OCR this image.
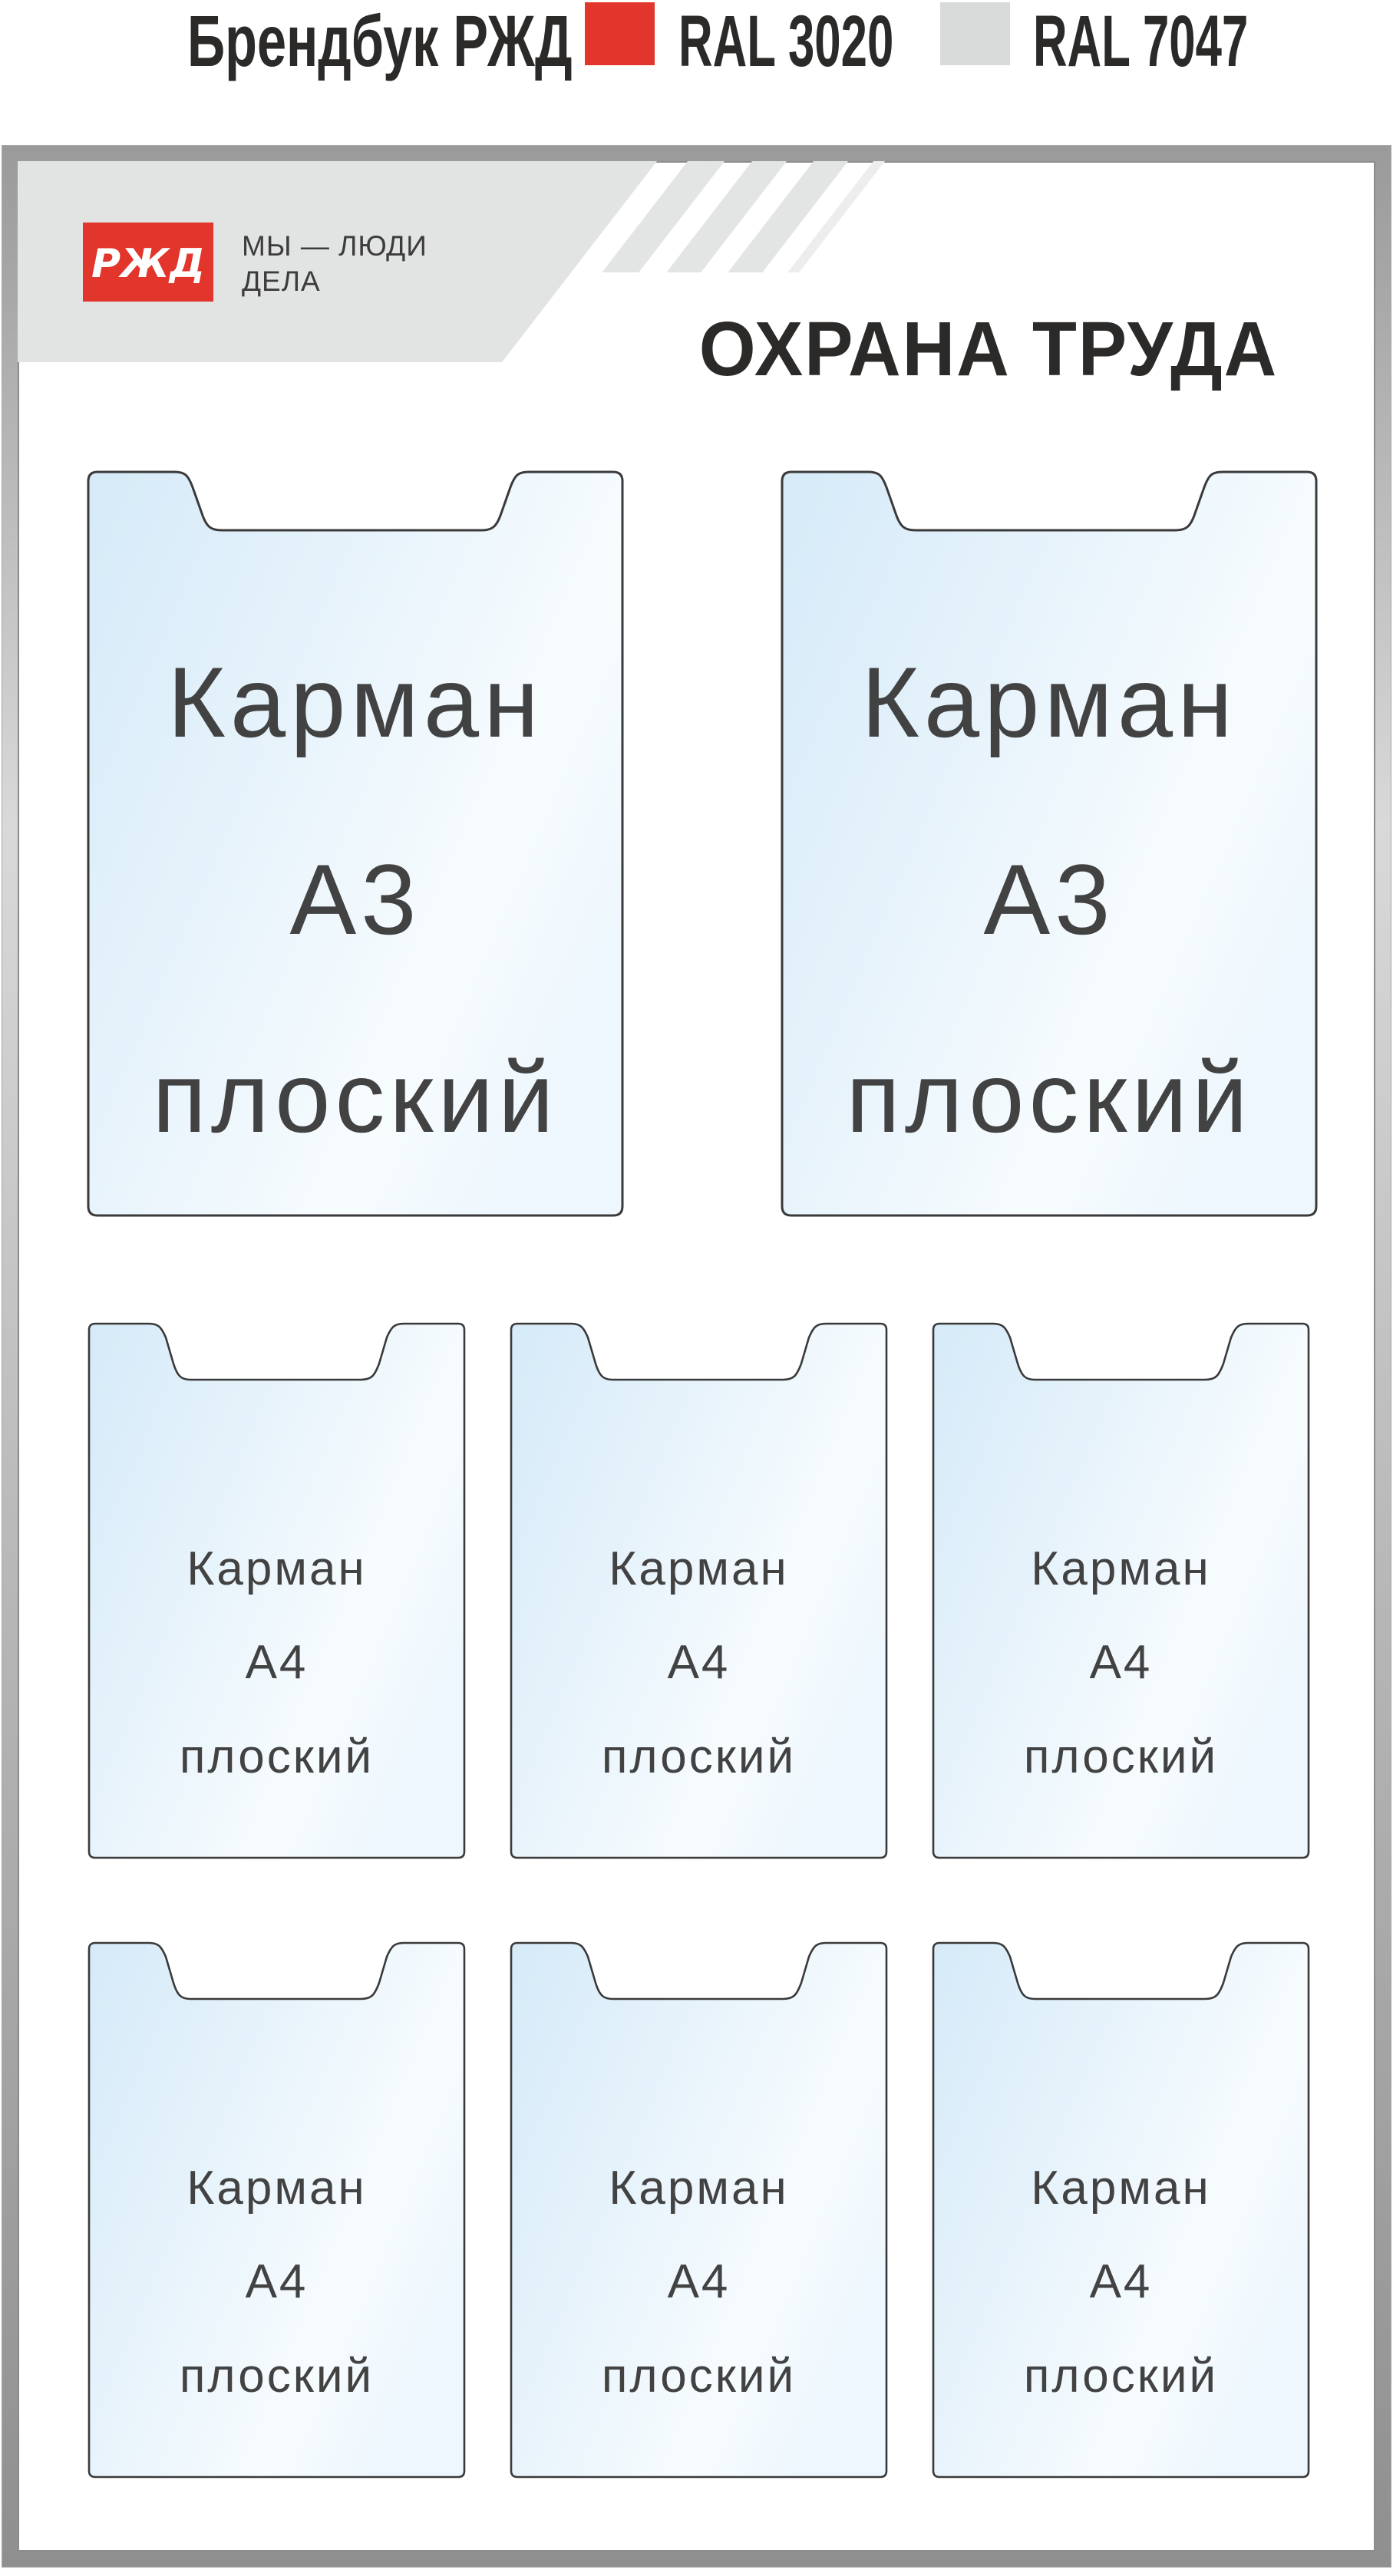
Брендбук РЖД RAL 3020 RAL 7047
РЖД МЫ — ЛЮДИ
ДЕЛА
ОХРАНА ТРУДА
Карман
А3
плоский
Карман
А3
плоский
Карман
А4
плоский
Карман
А4
плоский
Карман
А4
плоский
Карман
А4
плоский
Карман
А4
плоский
Карман
А4
плоский
